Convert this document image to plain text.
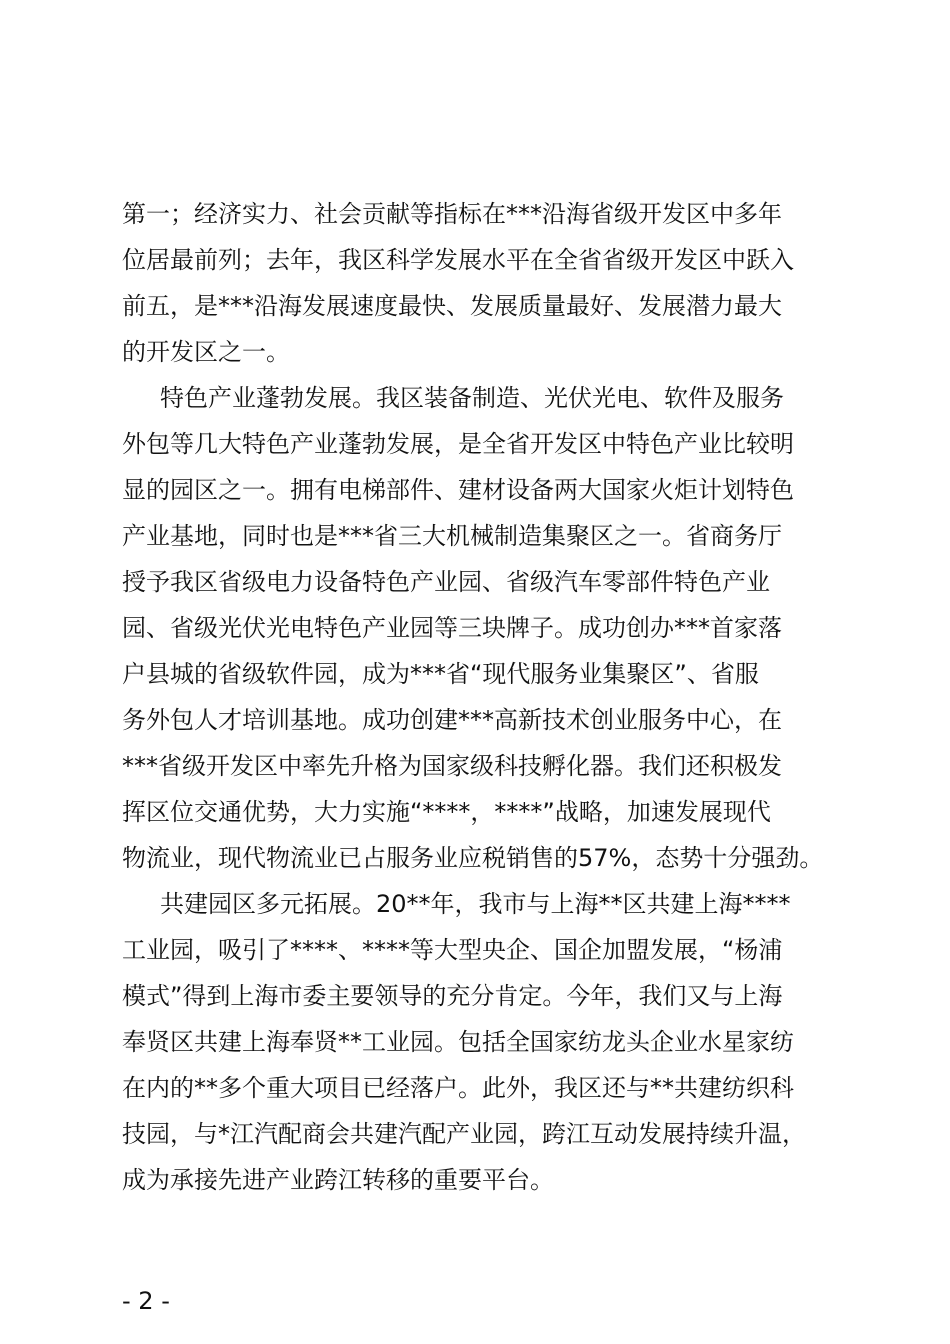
第一；经济实力、社会贡献等指标在***沿海省级开发区中多年
位居最前列；去年，我区科学发展水平在全省省级开发区中跃入
前五，是***沿海发展速度最快、发展质量最好、发展潜力最大
的开发区之一。
特色产业蓬勃发展。我区装备制造、光伏光电、软件及服务
外包等几大特色产业蓬勃发展，是全省开发区中特色产业比较明
显的园区之一。拥有电梯部件、建材设备两大国家火炬计划特色
产业基地，同时也是***省三大机械制造集聚区之一。省商务厅
授予我区省级电力设备特色产业园、省级汽车零部件特色产业
园、省级光伏光电特色产业园等三块牌子。成功创办***首家落
户县城的省级软件园，成为***省“现代服务业集聚区”、省服
务外包人才培训基地。成功创建***高新技术创业服务中心，在
***省级开发区中率先升格为国家级科技孵化器。我们还积极发
挥区位交通优势，大力实施“****，****”战略，加速发展现代
物流业，现代物流业已占服务业应税销售的57%，态势十分强劲。
共建园区多元拓展。20**年，我市与上海**区共建上海****
工业园，吸引了****、****等大型央企、国企加盟发展，“杨浦
模式”得到上海市委主要领导的充分肯定。今年，我们又与上海
奉贤区共建上海奉贤**工业园。包括全国家纺龙头企业水星家纺
在内的**多个重大项目已经落户。此外，我区还与**共建纺织科
技园，与*江汽配商会共建汽配产业园，跨江互动发展持续升温，
成为承接先进产业跨江转移的重要平台。
- 2 -
